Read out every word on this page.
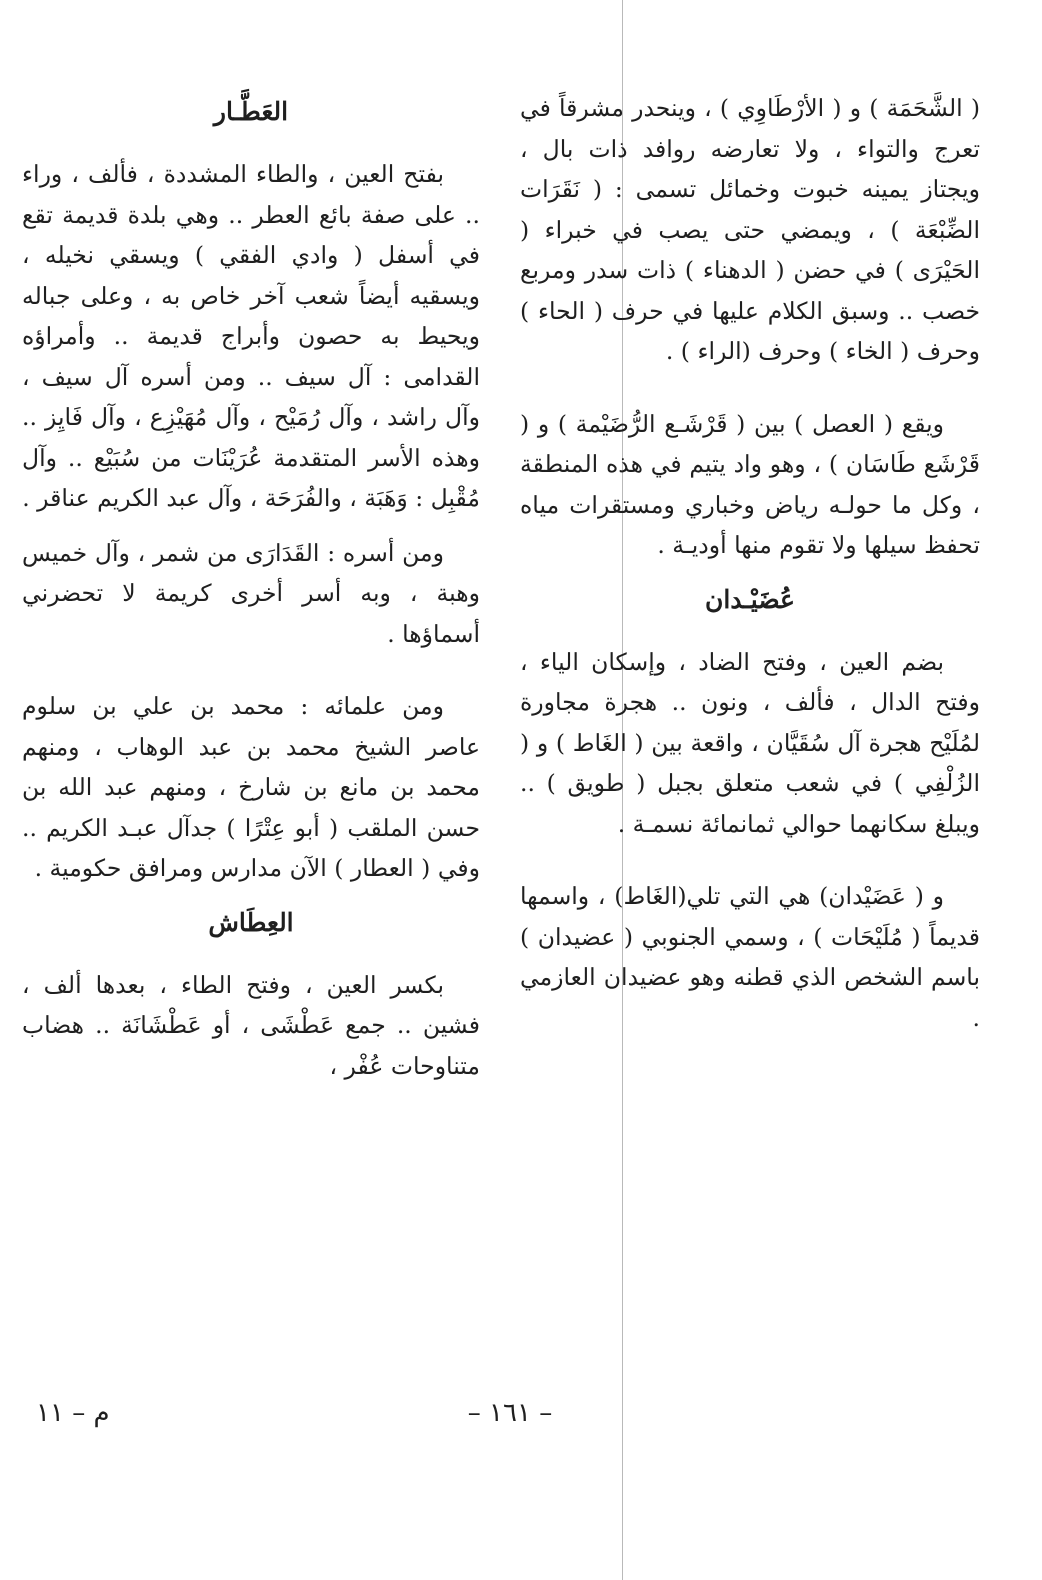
( الشَّحَمَة ) و ( الأرْطَاوِي ) ، وينحدر مشرقاً في تعرج والتواء ، ولا تعارضه روافد ذات بال ، ويجتاز يمينه خبوت وخمائل تسمى : ( نَقَرَات الضِّبْعَة ) ، ويمضي حتى يصب في خبراء ( الحَيْرَى ) في حضن ( الدهناء ) ذات سدر ومربع خصب .. وسبق الكلام عليها في حرف ( الحاء ) وحرف ( الخاء ) وحرف (الراء ) .

ويقع ( العصل ) بين ( قَرْشَـع الرُّضَيْمة ) و ( قَرْشَع طَاسَان ) ، وهو واد يتيم في هذه المنطقة ، وكل ما حولـه رياض وخباري ومستقرات مياه تحفظ سيلها ولا تقوم منها أوديـة .

عُضَيْـدان

بضم العين ، وفتح الضاد ، وإسكان الياء ، وفتح الدال ، فألف ، ونون .. هجرة مجاورة لمُلَيْح هجرة آل سُقَيَّان ، واقعة بين ( الغَاط ) و ( الزُلْفِي ) في شعب متعلق بجبل ( طويق ) .. ويبلغ سكانهما حوالي ثمانمائة نسمـة .

و ( عَضَيْدان) هي التي تلي(الغَاط) ، واسمها قديماً ( مُلَيْحَات ) ، وسمي الجنوبي ( عضيدان ) باسم الشخص الذي قطنه وهو عضيدان العازمي .

العَطَّـار

بفتح العين ، والطاء المشددة ، فألف ، وراء .. على صفة بائع العطر .. وهي بلدة قديمة تقع في أسفل ( وادي الفقي ) ويسقي نخيله ، ويسقيه أيضاً شعب آخر خاص به ، وعلى جباله ويحيط به حصون وأبراج قديمة .. وأمراؤه القدامى : آل سيف .. ومن أسره آل سيف ، وآل راشد ، وآل رُمَيْح ، وآل مُهَيْزِع ، وآل فَايِز .. وهذه الأسر المتقدمة عُرَيْنَات من سُبَيْع .. وآل مُقْبِل : وَهَبَة ، والفُرَحَة ، وآل عبد الكريم عناقر .

ومن أسره : القَدَارَى من شمر ، وآل خميس وهبة ، وبه أسر أخرى كريمة لا تحضرني أسماؤها .

ومن علمائه : محمد بن علي بن سلوم عاصر الشيخ محمد بن عبد الوهاب ، ومنهم محمد بن مانع بن شارخ ، ومنهم عبد الله بن حسن الملقب ( أبو عِتْرًا ) جدآل عبـد الكريم .. وفي ( العطار ) الآن مدارس ومرافق حكومية .

العِطَاش

بكسر العين ، وفتح الطاء ، بعدها ألف ، فشين .. جمع عَطْشَى ، أو عَطْشَانَة .. هضاب متناوحات عُفْر ،

– ١٦١ –
م – ١١
